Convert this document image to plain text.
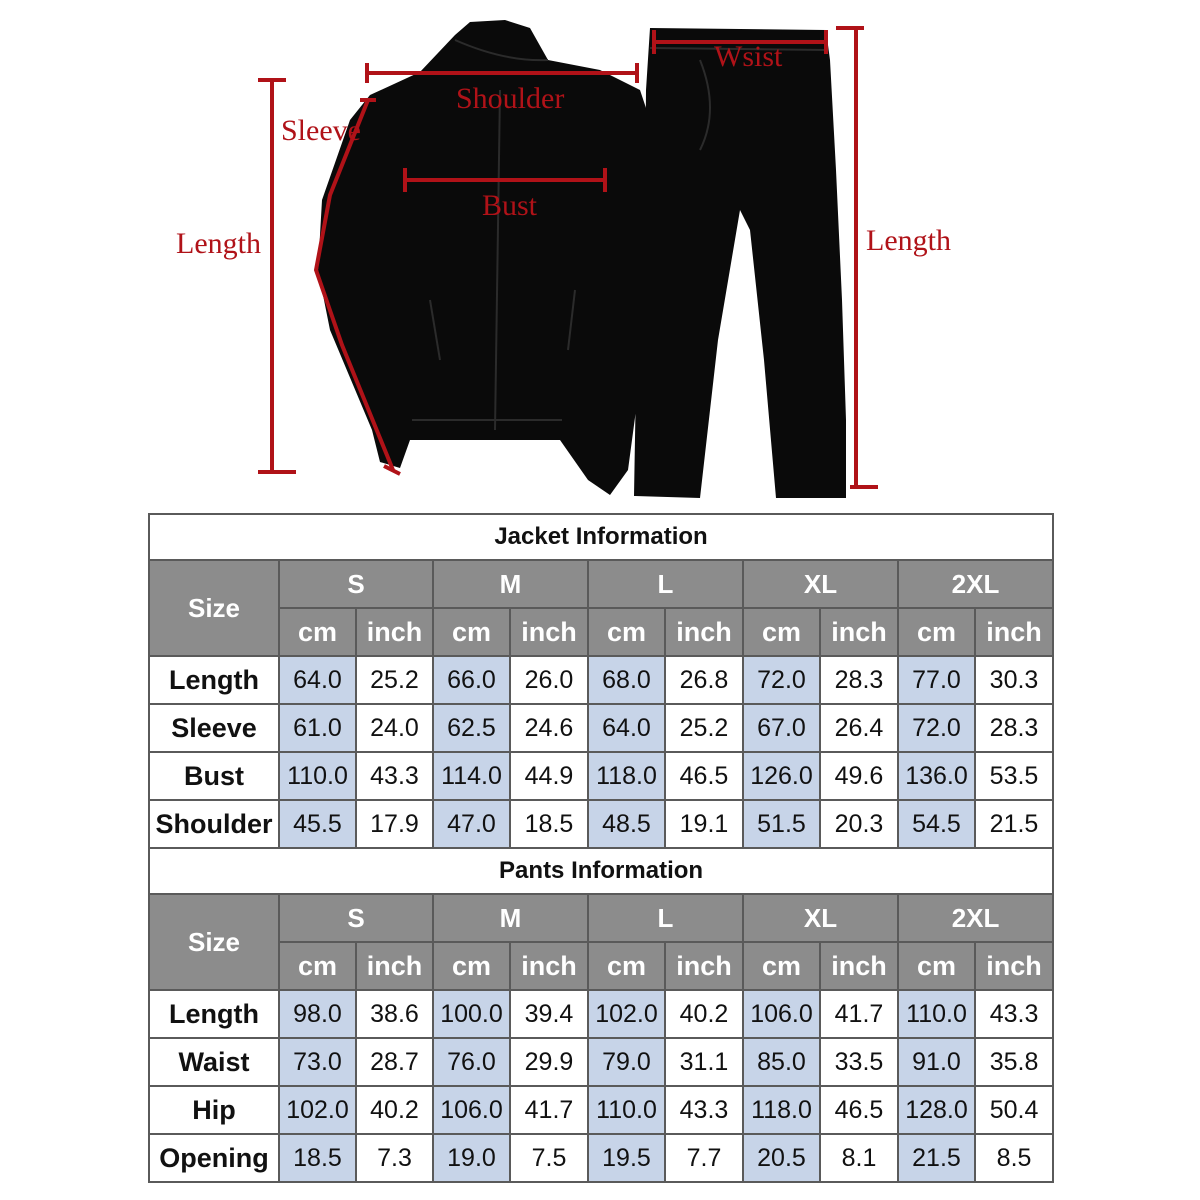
Shoulder
Sleeve
Bust
Length
Wsist
Length
Jacket Information										
Size	S		M		L		XL		2XL	
	cm	inch	cm	inch	cm	inch	cm	inch	cm	inch
Length	64.0	25.2	66.0	26.0	68.0	26.8	72.0	28.3	77.0	30.3
Sleeve	61.0	24.0	62.5	24.6	64.0	25.2	67.0	26.4	72.0	28.3
Bust	110.0	43.3	114.0	44.9	118.0	46.5	126.0	49.6	136.0	53.5
Shoulder	45.5	17.9	47.0	18.5	48.5	19.1	51.5	20.3	54.5	21.5
Pants Information										
Size	S		M		L		XL		2XL	
	cm	inch	cm	inch	cm	inch	cm	inch	cm	inch
Length	98.0	38.6	100.0	39.4	102.0	40.2	106.0	41.7	110.0	43.3
Waist	73.0	28.7	76.0	29.9	79.0	31.1	85.0	33.5	91.0	35.8
Hip	102.0	40.2	106.0	41.7	110.0	43.3	118.0	46.5	128.0	50.4
Opening	18.5	7.3	19.0	7.5	19.5	7.7	20.5	8.1	21.5	8.5
